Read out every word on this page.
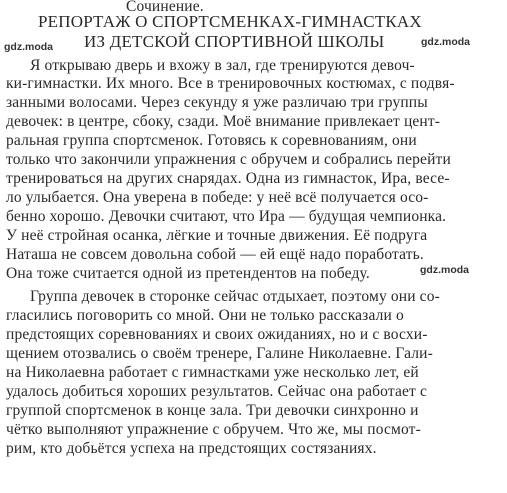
Сочинение.
РЕПОРТАЖ О СПОРТСМЕНКАХ-ГИМНАСТКАХ
ИЗ ДЕТСКОЙ СПОРТИВНОЙ ШКОЛЫ
gdz.moda	gdz.moda
Я открываю дверь и вхожу в зал, где тренируются девоч-
ки-гимнастки. Их много. Все в тренировочных костюмах, с подвя-
занными волосами. Через секунду я уже различаю три группы
девочек: в центре, сбоку, сзади. Моё внимание привлекает цент-
ральная группа спортсменок. Готовясь к соревнованиям, они
только что закончили упражнения с обручем и собрались перейти
тренироваться на других снарядах. Одна из гимнасток, Ира, весе-
ло улыбается. Она уверена в победе: у неё всё получается осо-
бенно хорошо. Девочки считают, что Ира — будущая чемпионка.
У неё стройная осанка, лёгкие и точные движения. Её подруга
Наташа не совсем довольна собой — ей ещё надо поработать.
Она тоже считается одной из претендентов на победу.	gdz.moda
Группа девочек в сторонке сейчас отдыхает, поэтому они со-
гласились поговорить со мной. Они не только рассказали о
предстоящих соревнованиях и своих ожиданиях, но и с восхи-
щением отозвались о своём тренере, Галине Николаевне. Гали-
на Николаевна работает с гимнастками уже несколько лет, ей
удалось добиться хороших результатов. Сейчас она работает с
группой спортсменок в конце зала. Три девочки синхронно и
чётко выполняют упражнение с обручем. Что же, мы посмот-
рим, кто добьётся успеха на предстоящих состязаниях.
